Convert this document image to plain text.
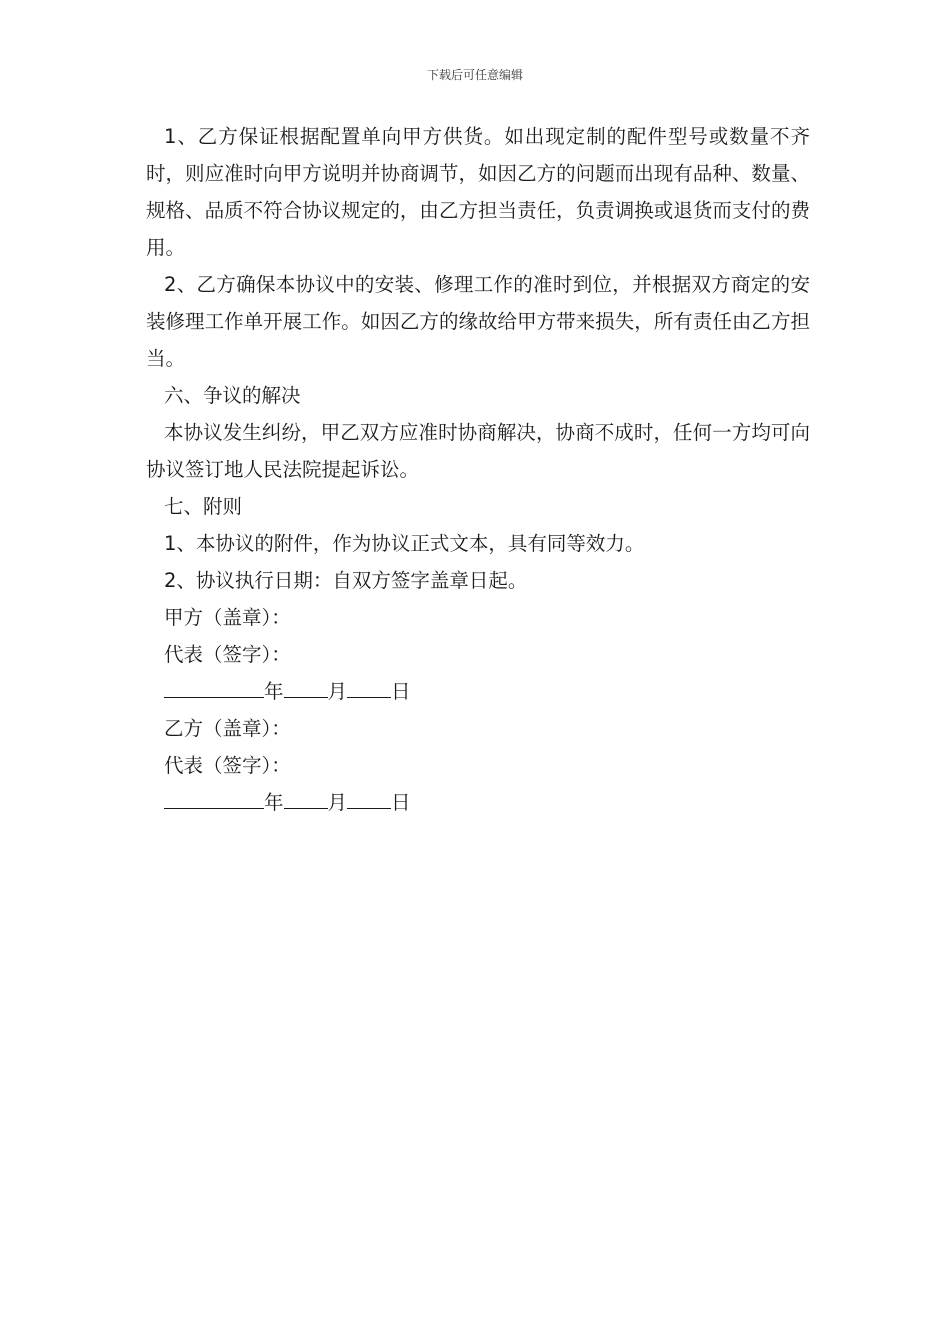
下载后可任意编辑

1、乙方保证根据配置单向甲方供货。如出现定制的配件型号或数量不齐时，则应准时向甲方说明并协商调节，如因乙方的问题而出现有品种、数量、规格、品质不符合协议规定的，由乙方担当责任，负责调换或退货而支付的费用。

2、乙方确保本协议中的安装、修理工作的准时到位，并根据双方商定的安装修理工作单开展工作。如因乙方的缘故给甲方带来损失，所有责任由乙方担当。

六、争议的解决

本协议发生纠纷，甲乙双方应准时协商解决，协商不成时，任何一方均可向协议签订地人民法院提起诉讼。

七、附则

1、本协议的附件，作为协议正式文本，具有同等效力。

2、协议执行日期：自双方签字盖章日起。

甲方（盖章）：

代表（签字）：

年 月 日

乙方（盖章）：

代表（签字）：

年 月 日
